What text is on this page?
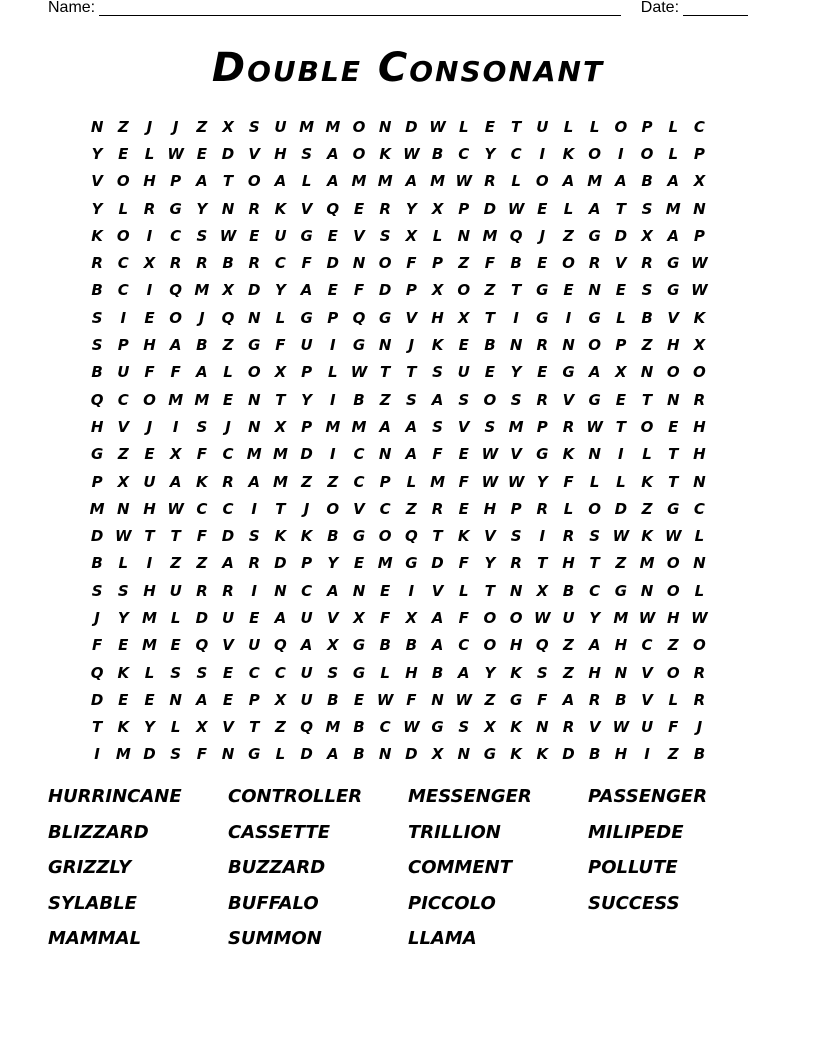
Name:	Date:
Double Consonant
N Z	J	J	Z X	S U M M O N D W L	E	T U	L	L	O P	L	C
Y	E	L W E D V H S A O K W B C	Y	C	I	K O	I	O	L	P
V O H P A	T O A	L	A M M A M W R	L	O A M A B A X
Y	L	R G Y N R K V Q E	R Y X P D W E	L	A	T	S M N
K O	I	C	S W E U G E	V S X	L	N M Q	J	Z G D X A P
R C X R R B R C	F D N O F	P	Z	F	B	E O R V R G W
B C	I	Q M X D Y A	E	F D P X O Z	T G E N E	S G W
S	I	E O	J	Q N	L	G P Q G V H X	T	I	G	I	G	L	B V K
S	P H A B	Z G F U	I	G N	J	K	E	B N R N O P	Z H X
B U F	F	A	L	O X P	L W T	T	S U E	Y	E G A X N O O
Q C O M M E N T	Y	I	B	Z	S A S O S	R V G E	T N R
H V	J	I	S	J	N X P M M A A S V S M P R W T O E H
G Z	E	X	F	C M M D	I	C N A	F	E W V G K N	I	L	T H
P X U A K R A M Z	Z	C	P	L M F W W Y	F	L	L	K	T N
M N H W C	C	I	T	J	O V C	Z R	E H P R	L	O D Z G C
D W T	T	F D S K K B G O Q T	K V S	I	R	S W K W L
B	L	I	Z	Z A R D P	Y	E M G D F	Y R	T H T	Z M O N
S	S H U R R	I	N C A N E	I	V	L	T N X B C G N O	L
J	Y M L	D U E	A U V X	F	X A	F O O W U Y M W H W
F	E M E Q V U Q A X G B B A C O H Q Z A H C	Z O
Q K	L	S	S	E	C	C U S G	L	H B A Y K S	Z H N V O R
D E	E N A	E	P X U B	E W F N W Z G F	A R B V	L	R
T	K Y	L	X V	T	Z Q M B C W G S X K N R V W U F	J
I	M D S	F N G	L	D A B N D X N G K K D B H	I	Z	B
HURRINCANE
BLIZZARD
GRIZZLY
SYLABLE
MAMMAL
CONTROLLER
CASSETTE
BUZZARD
BUFFALO
SUMMON
MESSENGER
TRILLION
COMMENT
PICCOLO
LLAMA
PASSENGER
MILIPEDE
POLLUTE
SUCCESS
